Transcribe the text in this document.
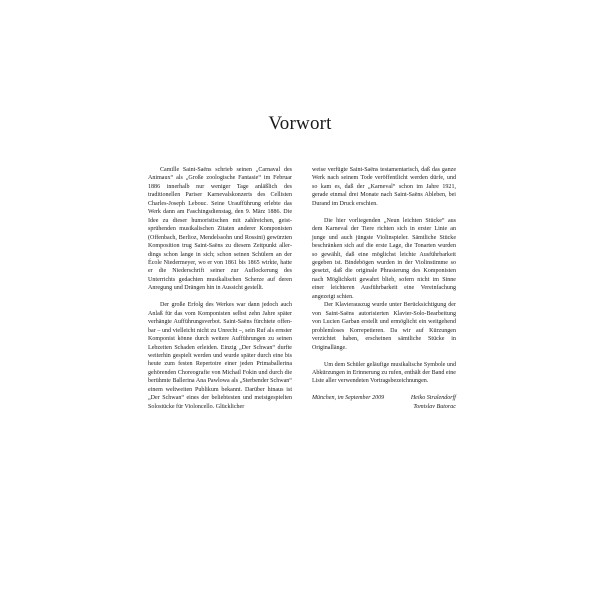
Vorwort

Camille Saint-Saëns schrieb seinen „Carnaval des Animaux“ als „Große zoologische Fantasie“ im Februar 1886 innerhalb nur weniger Tage anläßlich des traditionellen Pariser Karnevalskonzerts des Cellisten Charles-Joseph Lebouc. Seine Uraufführung erlebte das Werk dann am Faschingsdienstag, den 9. März 1886. Die Idee zu dieser humoristischen mit zahlreichen, geistsprühenden musikalischen Zitaten anderer Komponisten (Offenbach, Berlioz, Mendelssohn und Rossini) gewürzten Komposition trug Saint-Saëns zu diesem Zeitpunkt allerdings schon lange in sich; schon seinen Schülern an der École Niedermeyer, wo er von 1861 bis 1865 wirkte, hatte er die Niederschrift seiner zur Auflockerung des Unterrichts gedachten musikalischen Scherze auf deren Anregung und Drängen hin in Aussicht gestellt.

Der große Erfolg des Werkes war dann jedoch auch Anlaß für das vom Komponisten selbst zehn Jahre später verhängte Aufführungsverbot. Saint-Saëns fürchtete offenbar – und vielleicht nicht zu Unrecht –, sein Ruf als ernster Komponist könne durch weitere Aufführungen zu seinen Lebzeiten Schaden erleiden. Einzig „Der Schwan“ durfte weiterhin gespielt werden und wurde später durch eine bis heute zum festen Repertoire einer jeden Primaballerina gehörenden Choreografie von Michail Fokin und durch die berühmte Ballerina Ana Pawlowa als „Sterbender Schwan“ einem weltweiten Publikum bekannt. Darüber hinaus ist „Der Schwan“ eines der beliebtesten und meistgespielten Solostücke für Violoncello. Glücklicher

weise verfügte Saint-Saëns testamentarisch, daß das ganze Werk nach seinem Tode veröffentlicht werden dürfe, und so kam es, daß der „Karneval“ schon im Jahre 1921, gerade einmal drei Monate nach Saint-Saëns Ableben, bei Durand im Druck erschien.

Die hier vorliegenden „Neun leichten Stücke“ aus dem Karneval der Tiere richten sich in erster Linie an junge und auch jüngste Violinspieler. Sämtliche Stücke beschränken sich auf die erste Lage, die Tonarten wurden so gewählt, daß eine möglichst leichte Ausführbarkeit gegeben ist. Bindebögen wurden in der Violinstimme so gesetzt, daß die originale Phrasierung des Komponisten nach Möglichkeit gewahrt blieb, sofern nicht im Sinne einer leichteren Ausführbarkeit eine Vereinfachung angezeigt schien.

Der Klavierauszug wurde unter Berücksichtigung der von Saint-Saëns autorisierten Klavier-Solo-Bearbeitung von Lucien Garban erstellt und ermöglicht ein weitgehend problemloses Korrepetieren. Da wir auf Kürzungen verzichtet haben, erscheinen sämtliche Stücke in Originallänge.

Um dem Schüler geläufige musikalische Symbole und Abkürzungen in Erinnerung zu rufen, enthält der Band eine Liste aller verwendeten Vortragsbezeichnungen.

München, im September 2009	Heiko Stralendorff
Tomislav Butorac
